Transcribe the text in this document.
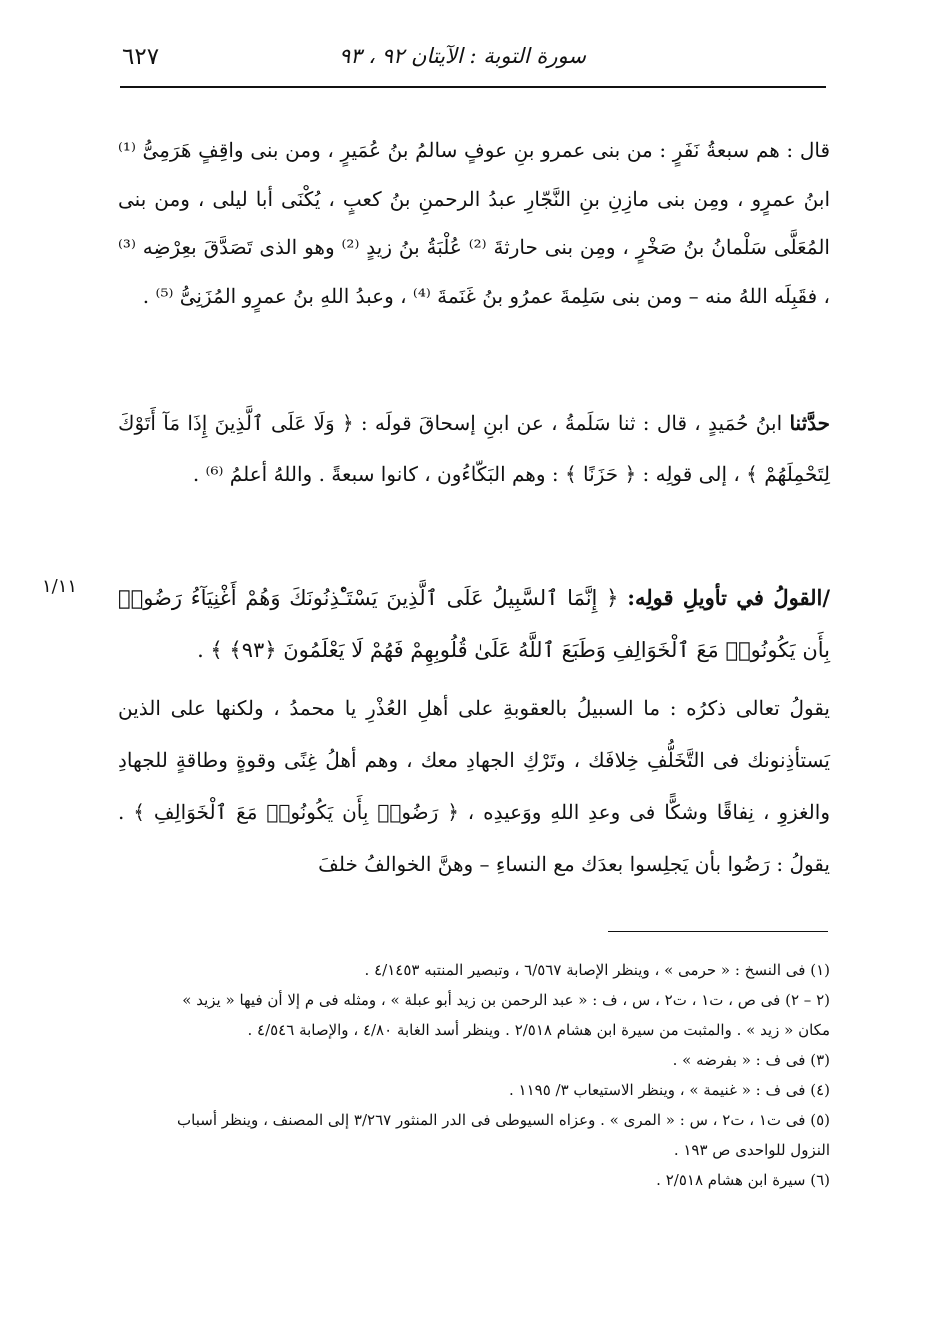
٦٢٧	سورة التوبة : الآيتان ٩٢ ، ٩٣
قال : هم سبعةُ نَفَرٍ : من بنى عمرو بنِ عوفٍ سالمُ بنُ عُمَيرٍ ، ومن بنى واقِفٍ هَرَمِىُّ ⁽¹⁾ ابنُ عمرٍو ، ومِن بنى مازِنِ بنِ النَّجّارِ عبدُ الرحمنِ بنُ كعبٍ ، يُكْنَى أبا ليلى ، ومن بنى المُعَلَّى سَلْمانُ بنُ صَخْرٍ ، ومِن بنى حارثةَ ⁽²⁾ عُلْبَةُ بنُ زيدٍ ⁽²⁾ وهو الذى تَصَدَّقَ بعِرْضِه ⁽³⁾ ، فقَبِلَه اللهُ منه – ومن بنى سَلِمةَ عمرُو بنُ غَنَمةَ ⁽⁴⁾ ، وعبدُ اللهِ بنُ عمرٍو المُزَنِىُّ ⁽⁵⁾ .
حدَّثنا ابنُ حُمَيدٍ ، قال : ثنا سَلَمةُ ، عن ابنِ إسحاقَ قولَه : ﴿ وَلَا عَلَى ٱلَّذِينَ إِذَا مَآ أَتَوْكَ لِتَحْمِلَهُمْ ﴾ ، إلى قولِه : ﴿ حَزَنًا ﴾ : وهم البَكّاءُون ، كانوا سبعةً . واللهُ أعلمُ ⁽⁶⁾ .
/القولُ في تأويلِ قولِه: ﴿ إِنَّمَا ٱلسَّبِيلُ عَلَى ٱلَّذِينَ يَسْتَـْٔذِنُونَكَ وَهُمْ أَغْنِيَآءُ رَضُوا۟ بِأَن يَكُونُوا۟ مَعَ ٱلْخَوَالِفِ وَطَبَعَ ٱللَّهُ عَلَىٰ قُلُوبِهِمْ فَهُمْ لَا يَعْلَمُونَ ﴿٩٣﴾ ﴾ .
١/١١
يقولُ تعالى ذكرُه : ما السبيلُ بالعقوبةِ على أهلِ العُذْرِ يا محمدُ ، ولكنها على الذين يَستأذِنونك فى التَّخَلُّفِ خِلافَك ، وتَرْكِ الجهادِ معك ، وهم أهلُ غِنًى وقوةٍ وطاقةٍ للجهادِ والغزوِ ، نِفاقًا وشكًّا فى وعدِ اللهِ ووَعيدِه ، ﴿ رَضُوا۟ بِأَن يَكُونُوا۟ مَعَ ٱلْخَوَالِفِ ﴾ . يقولُ : رَضُوا بأن يَجلِسوا بعدَك مع النساءِ – وهنَّ الخوالفُ خلفَ
(١) فى النسخ : « حرمى » ، وينظر الإصابة ٦/٥٦٧ ، وتبصير المنتبه ٤/١٤٥٣ .
(٢ – ٢) فى ص ، ت١ ، ت٢ ، س ، ف : « عبد الرحمن بن زيد أبو عبلة » ، ومثله فى م إلا أن فيها « يزيد »
مكان « زيد » . والمثبت من سيرة ابن هشام ٢/٥١٨ . وينظر أسد الغابة ٤/٨٠ ، والإصابة ٤/٥٤٦ .
(٣) فى ف : « بفرضه » .
(٤) فى ف : « غنيمة » ، وينظر الاستيعاب ٣/ ١١٩٥ .
(٥) فى ت١ ، ت٢ ، س : « المرى » . وعزاه السيوطى فى الدر المنثور ٣/٢٦٧ إلى المصنف ، وينظر أسباب
النزول للواحدى ص ١٩٣ .
(٦) سيرة ابن هشام ٢/٥١٨ .
